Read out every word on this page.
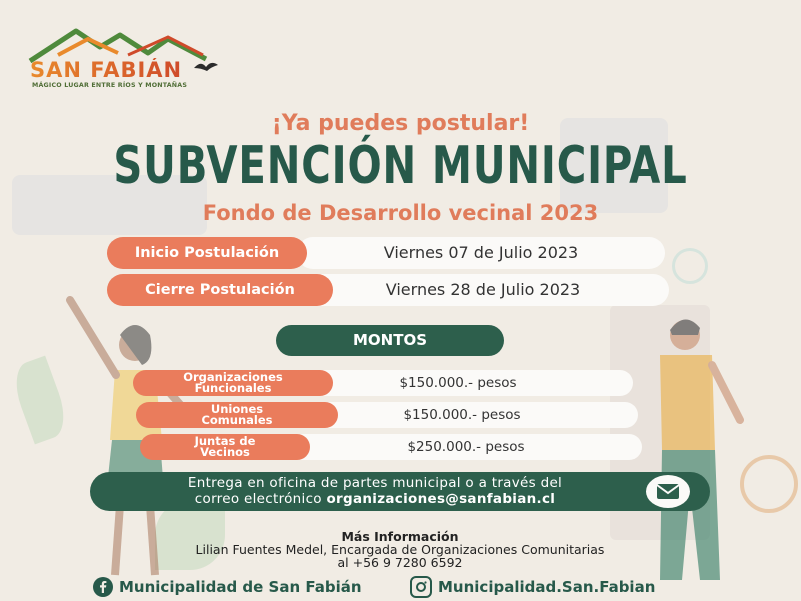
SAN FABIÁN
MÁGICO LUGAR ENTRE RÍOS Y MONTAÑAS
¡Ya puedes postular!
SUBVENCIÓN MUNICIPAL
Fondo de Desarrollo vecinal 2023
Viernes 07 de Julio 2023
Inicio Postulación
Viernes 28 de Julio 2023
Cierre Postulación
MONTOS
$150.000.- pesos
Organizaciones
Funcionales
$150.000.- pesos
Uniones
Comunales
$250.000.- pesos
Juntas de
Vecinos
Entrega en oficina de partes municipal o a través del
correo electrónico organizaciones@sanfabian.cl
Más Información
Lilian Fuentes Medel, Encargada de Organizaciones Comunitarias
al +56 9 7280 6592
Municipalidad de San Fabián	Municipalidad.San.Fabian
